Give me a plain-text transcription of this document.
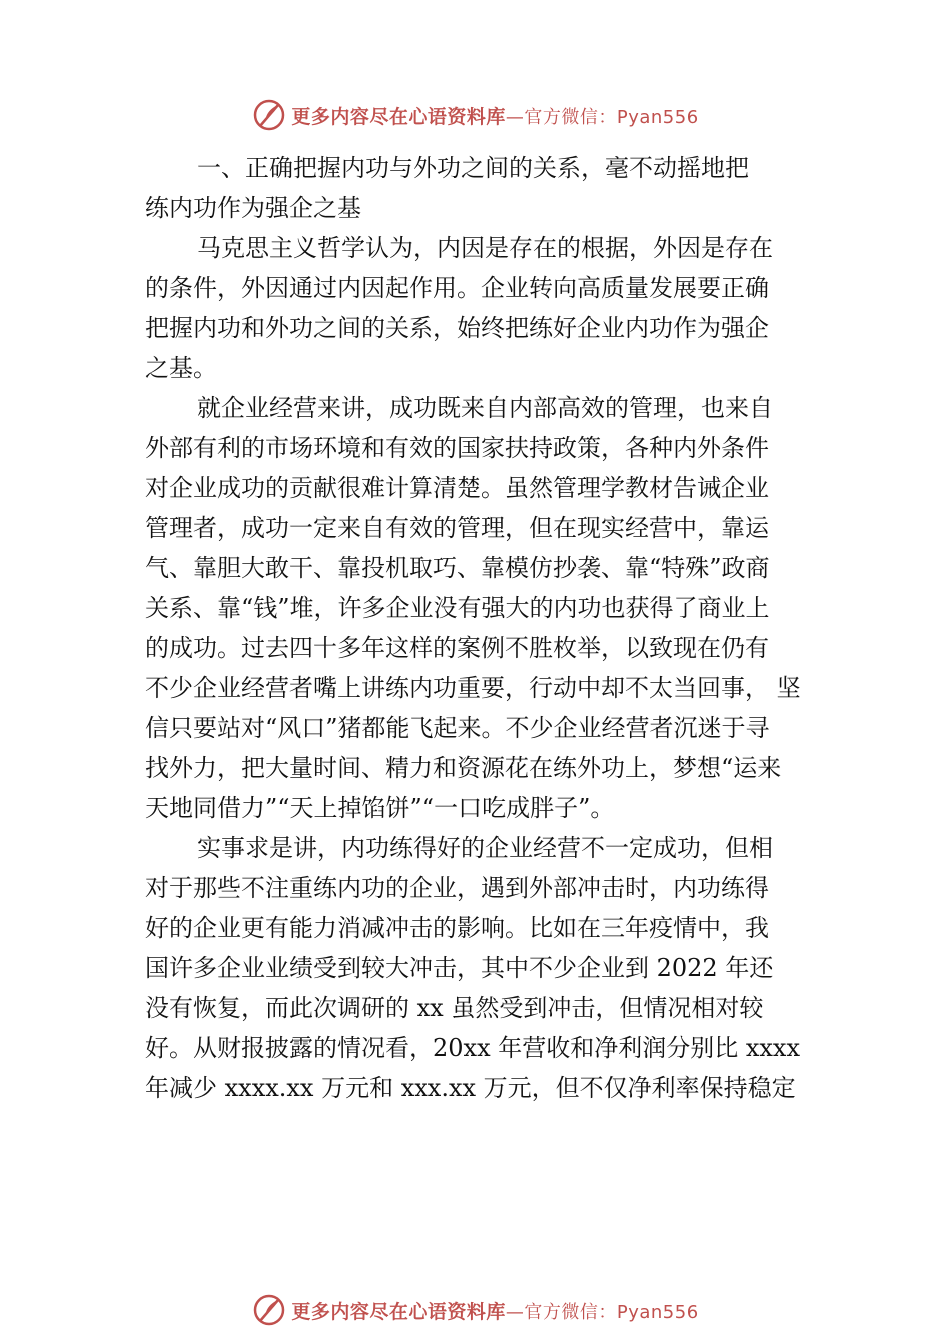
更多内容尽在心语资料库—官方微信：Pyan556
一、正确把握内功与外功之间的关系，毫不动摇地把
练内功作为强企之基
马克思主义哲学认为，内因是存在的根据，外因是存在
的条件，外因通过内因起作用。企业转向高质量发展要正确
把握内功和外功之间的关系，始终把练好企业内功作为强企
之基。
就企业经营来讲，成功既来自内部高效的管理，也来自
外部有利的市场环境和有效的国家扶持政策，各种内外条件
对企业成功的贡献很难计算清楚。虽然管理学教材告诫企业
管理者，成功一定来自有效的管理，但在现实经营中，靠运
气、靠胆大敢干、靠投机取巧、靠模仿抄袭、靠“特殊”政商
关系、靠“钱”堆，许多企业没有强大的内功也获得了商业上
的成功。过去四十多年这样的案例不胜枚举，以致现在仍有
不少企业经营者嘴上讲练内功重要，行动中却不太当回事， 坚
信只要站对“风口”猪都能飞起来。不少企业经营者沉迷于寻
找外力，把大量时间、精力和资源花在练外功上，梦想“运来
天地同借力”“天上掉馅饼”“一口吃成胖子”。
实事求是讲，内功练得好的企业经营不一定成功，但相
对于那些不注重练内功的企业，遇到外部冲击时，内功练得
好的企业更有能力消减冲击的影响。比如在三年疫情中，我
国许多企业业绩受到较大冲击，其中不少企业到 2022 年还
没有恢复，而此次调研的 xx 虽然受到冲击，但情况相对较
好。从财报披露的情况看，20xx 年营收和净利润分别比 xxxx
年减少 xxxx.xx 万元和 xxx.xx 万元，但不仅净利率保持稳定
更多内容尽在心语资料库—官方微信：Pyan556
